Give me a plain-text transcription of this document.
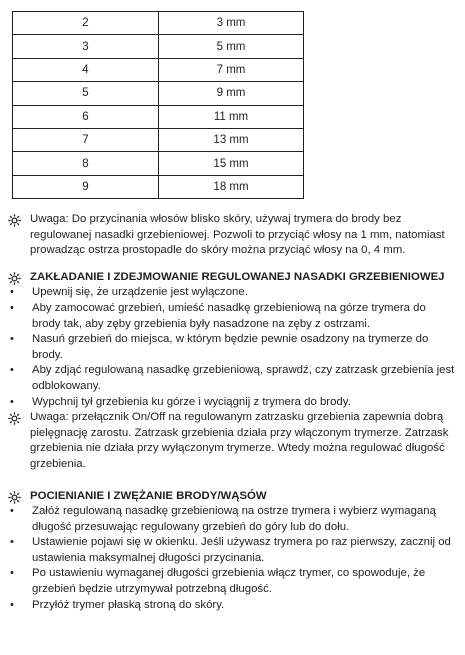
2	3 mm
3	5 mm
4	7 mm
5	9 mm
6	11 mm
7	13 mm
8	15 mm
9	18 mm
Uwaga: Do przycinania włosów blisko skóry, używaj trymera do brody bez regulowanej nasadki grzebieniowej. Pozwoli to przyciąć włosy na 1 mm, natomiast prowadząc ostrza prostopadle do skóry można przyciąć włosy na 0, 4 mm.
ZAKŁADANIE I ZDEJMOWANIE REGULOWANEJ NASADKI GRZEBIENIOWEJ
•	Upewnij się, że urządzenie jest wyłączone.
•	Aby zamocować grzebień, umieść nasadkę grzebieniową na górze trymera do brody tak, aby zęby grzebienia były nasadzone na zęby z ostrzami.
•	Nasuń grzebień do miejsca, w którym będzie pewnie osadzony na trymerze do brody.
•	Aby zdjąć regulowaną nasadkę grzebieniową, sprawdź, czy zatrzask grzebienia jest odblokowany.
•	Wypchnij tył grzebienia ku górze i wyciągnij z trymera do brody.
Uwaga: przełącznik On/Off na regulowanym zatrzasku grzebienia zapewnia dobrą pielęgnację zarostu. Zatrzask grzebienia działa przy włączonym trymerze. Zatrzask grzebienia nie działa przy wyłączonym trymerze. Wtedy można regulować długość grzebienia.
POCIENIANIE I ZWĘŻANIE BRODY/WĄSÓW
•	Załóż regulowaną nasadkę grzebieniową na ostrze trymera i wybierz wymaganą długość przesuwając regulowany grzebień do góry lub do dołu.
•	Ustawienie pojawi się w okienku. Jeśli używasz trymera po raz pierwszy, zacznij od ustawienia maksymalnej długości przycinania.
•	Po ustawieniu wymaganej długości grzebienia włącz trymer, co spowoduje, że grzebień będzie utrzymywał potrzebną długość.
•	Przyłóż trymer płaską stroną do skóry.
